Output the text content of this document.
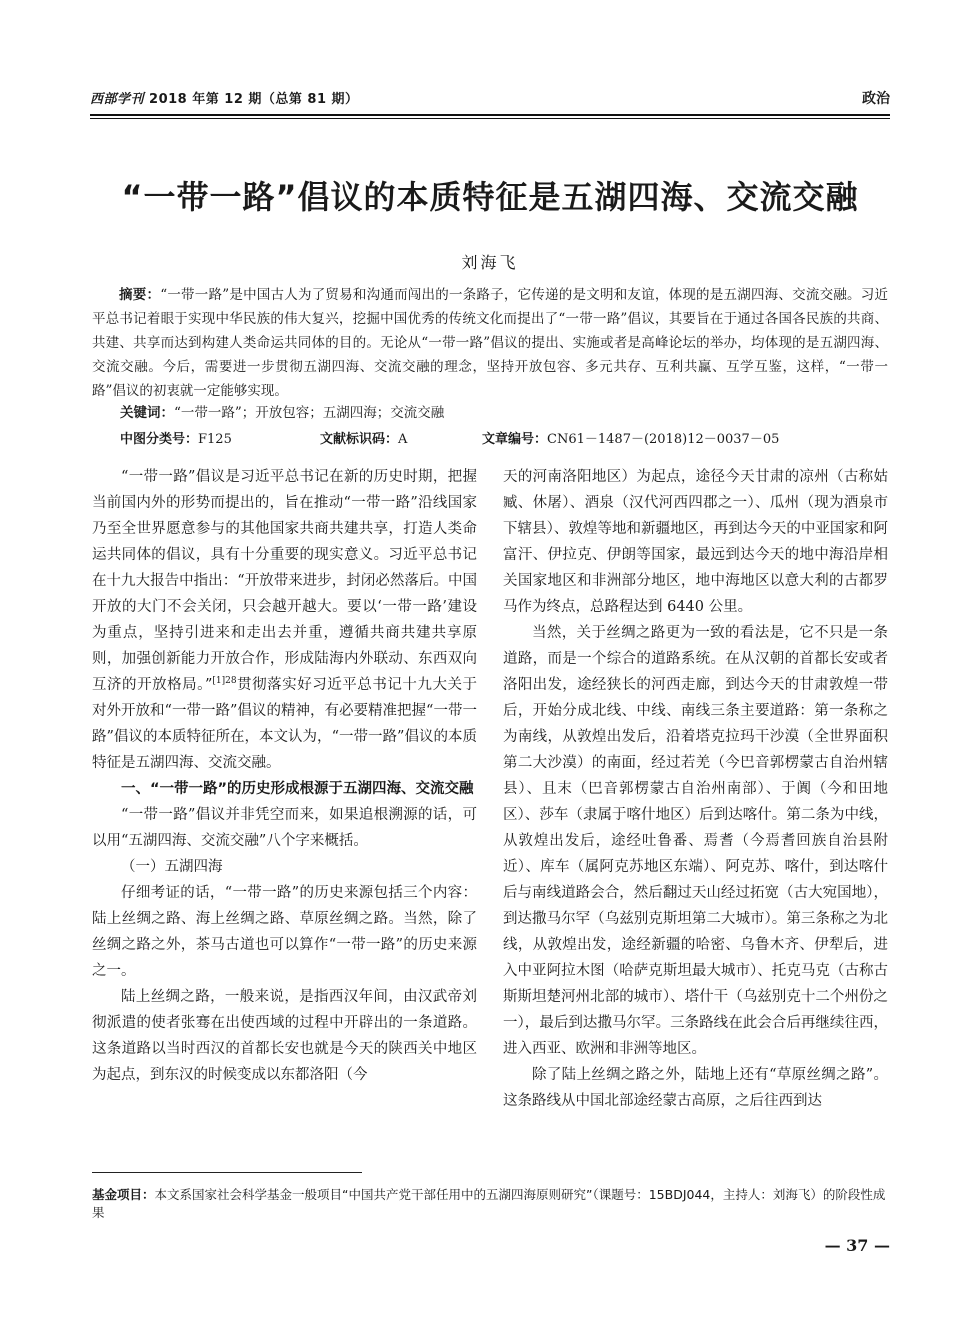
西部学刊 2018 年第 12 期（总第 81 期）	政治
“一带一路”倡议的本质特征是五湖四海、交流交融
刘海飞
摘要：“一带一路”是中国古人为了贸易和沟通而闯出的一条路子，它传递的是文明和友谊，体现的是五湖四海、交流交融。习近平总书记着眼于实现中华民族的伟大复兴，挖掘中国优秀的传统文化而提出了“一带一路”倡议，其要旨在于通过各国各民族的共商、共建、共享而达到构建人类命运共同体的目的。无论从“一带一路”倡议的提出、实施或者是高峰论坛的举办，均体现的是五湖四海、交流交融。今后，需要进一步贯彻五湖四海、交流交融的理念，坚持开放包容、多元共存、互利共赢、互学互鉴，这样，“一带一路”倡议的初衷就一定能够实现。
关键词：“一带一路”；开放包容；五湖四海；交流交融
中图分类号：F125	文献标识码：A	文章编号：CN61－1487－(2018)12－0037－05

“一带一路”倡议是习近平总书记在新的历史时期，把握当前国内外的形势而提出的，旨在推动“一带一路”沿线国家乃至全世界愿意参与的其他国家共商共建共享，打造人类命运共同体的倡议，具有十分重要的现实意义。习近平总书记在十九大报告中指出：“开放带来进步，封闭必然落后。中国开放的大门不会关闭，只会越开越大。要以‘一带一路’建设为重点，坚持引进来和走出去并重，遵循共商共建共享原则，加强创新能力开放合作，形成陆海内外联动、东西双向互济的开放格局。”$^{[1]28}$贯彻落实好习近平总书记十九大关于对外开放和“一带一路”倡议的精神，有必要精准把握“一带一路”倡议的本质特征所在，本文认为，“一带一路”倡议的本质特征是五湖四海、交流交融。

一、“一带一路”的历史形成根源于五湖四海、交流交融

“一带一路”倡议并非凭空而来，如果追根溯源的话，可以用“五湖四海、交流交融”八个字来概括。

（一）五湖四海

仔细考证的话，“一带一路”的历史来源包括三个内容：陆上丝绸之路、海上丝绸之路、草原丝绸之路。当然，除了丝绸之路之外，茶马古道也可以算作“一带一路”的历史来源之一。

陆上丝绸之路，一般来说，是指西汉年间，由汉武帝刘彻派遣的使者张骞在出使西域的过程中开辟出的一条道路。这条道路以当时西汉的首都长安也就是今天的陕西关中地区为起点，到东汉的时候变成以东都洛阳（今

天的河南洛阳地区）为起点，途径今天甘肃的凉州（古称姑臧、休屠）、酒泉（汉代河西四郡之一）、瓜州（现为酒泉市下辖县）、敦煌等地和新疆地区，再到达今天的中亚国家和阿富汗、伊拉克、伊朗等国家，最远到达今天的地中海沿岸相关国家地区和非洲部分地区，地中海地区以意大利的古都罗马作为终点，总路程达到 6440 公里。

当然，关于丝绸之路更为一致的看法是，它不只是一条道路，而是一个综合的道路系统。在从汉朝的首都长安或者洛阳出发，途经狭长的河西走廊，到达今天的甘肃敦煌一带后，开始分成北线、中线、南线三条主要道路：第一条称之为南线，从敦煌出发后，沿着塔克拉玛干沙漠（全世界面积第二大沙漠）的南面，经过若羌（今巴音郭楞蒙古自治州辖县）、且末（巴音郭楞蒙古自治州南部）、于阗（今和田地区）、莎车（隶属于喀什地区）后到达喀什。第二条为中线，从敦煌出发后，途经吐鲁番、焉耆（今焉耆回族自治县附近）、库车（属阿克苏地区东端）、阿克苏、喀什，到达喀什后与南线道路会合，然后翻过天山经过拓宽（古大宛国地），到达撒马尔罕（乌兹别克斯坦第二大城市）。第三条称之为北线，从敦煌出发，途经新疆的哈密、乌鲁木齐、伊犁后，进入中亚阿拉木图（哈萨克斯坦最大城市）、托克马克（古称古斯斯坦楚河州北部的城市）、塔什干（乌兹别克十二个州份之一），最后到达撒马尔罕。三条路线在此会合后再继续往西，进入西亚、欧洲和非洲等地区。

除了陆上丝绸之路之外，陆地上还有“草原丝绸之路”。这条路线从中国北部途经蒙古高原，之后往西到达

基金项目：本文系国家社会科学基金一般项目“中国共产党干部任用中的五湖四海原则研究”（课题号：15BDJ044，主持人：刘海飞）的阶段性成果
— 37 —
